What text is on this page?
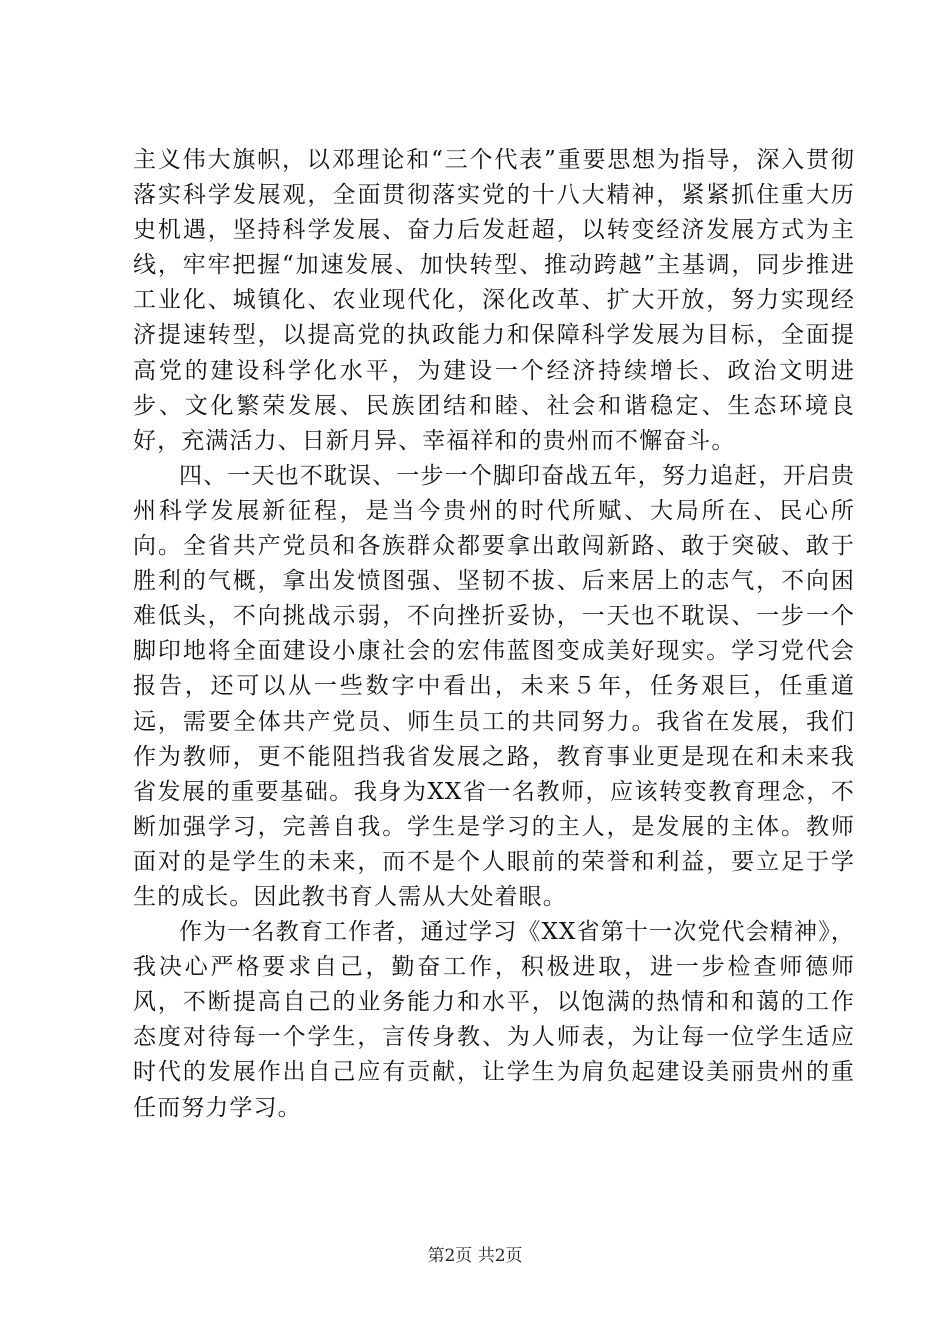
主义伟大旗帜，以邓理论和“三个代表”重要思想为指导，深入贯彻落实科学发展观，全面贯彻落实党的十八大精神，紧紧抓住重大历史机遇，坚持科学发展、奋力后发赶超，以转变经济发展方式为主线，牢牢把握“加速发展、加快转型、推动跨越”主基调，同步推进工业化、城镇化、农业现代化，深化改革、扩大开放，努力实现经济提速转型，以提高党的执政能力和保障科学发展为目标，全面提高党的建设科学化水平，为建设一个经济持续增长、政治文明进步、文化繁荣发展、民族团结和睦、社会和谐稳定、生态环境良好，充满活力、日新月异、幸福祥和的贵州而不懈奋斗。

四、一天也不耽误、一步一个脚印奋战五年，努力追赶，开启贵州科学发展新征程，是当今贵州的时代所赋、大局所在、民心所向。全省共产党员和各族群众都要拿出敢闯新路、敢于突破、敢于胜利的气概，拿出发愤图强、坚韧不拔、后来居上的志气，不向困难低头，不向挑战示弱，不向挫折妥协，一天也不耽误、一步一个脚印地将全面建设小康社会的宏伟蓝图变成美好现实。学习党代会报告，还可以从一些数字中看出，未来５年，任务艰巨，任重道远，需要全体共产党员、师生员工的共同努力。我省在发展，我们作为教师，更不能阻挡我省发展之路，教育事业更是现在和未来我省发展的重要基础。我身为XX省一名教师，应该转变教育理念，不断加强学习，完善自我。学生是学习的主人，是发展的主体。教师面对的是学生的未来，而不是个人眼前的荣誉和利益，要立足于学生的成长。因此教书育人需从大处着眼。

作为一名教育工作者，通过学习《XX省第十一次党代会精神》，我决心严格要求自己，勤奋工作，积极进取，进一步检查师德师风，不断提高自己的业务能力和水平，以饱满的热情和和蔼的工作态度对待每一个学生，言传身教、为人师表，为让每一位学生适应时代的发展作出自己应有贡献，让学生为肩负起建设美丽贵州的重任而努力学习。

第2页 共2页
